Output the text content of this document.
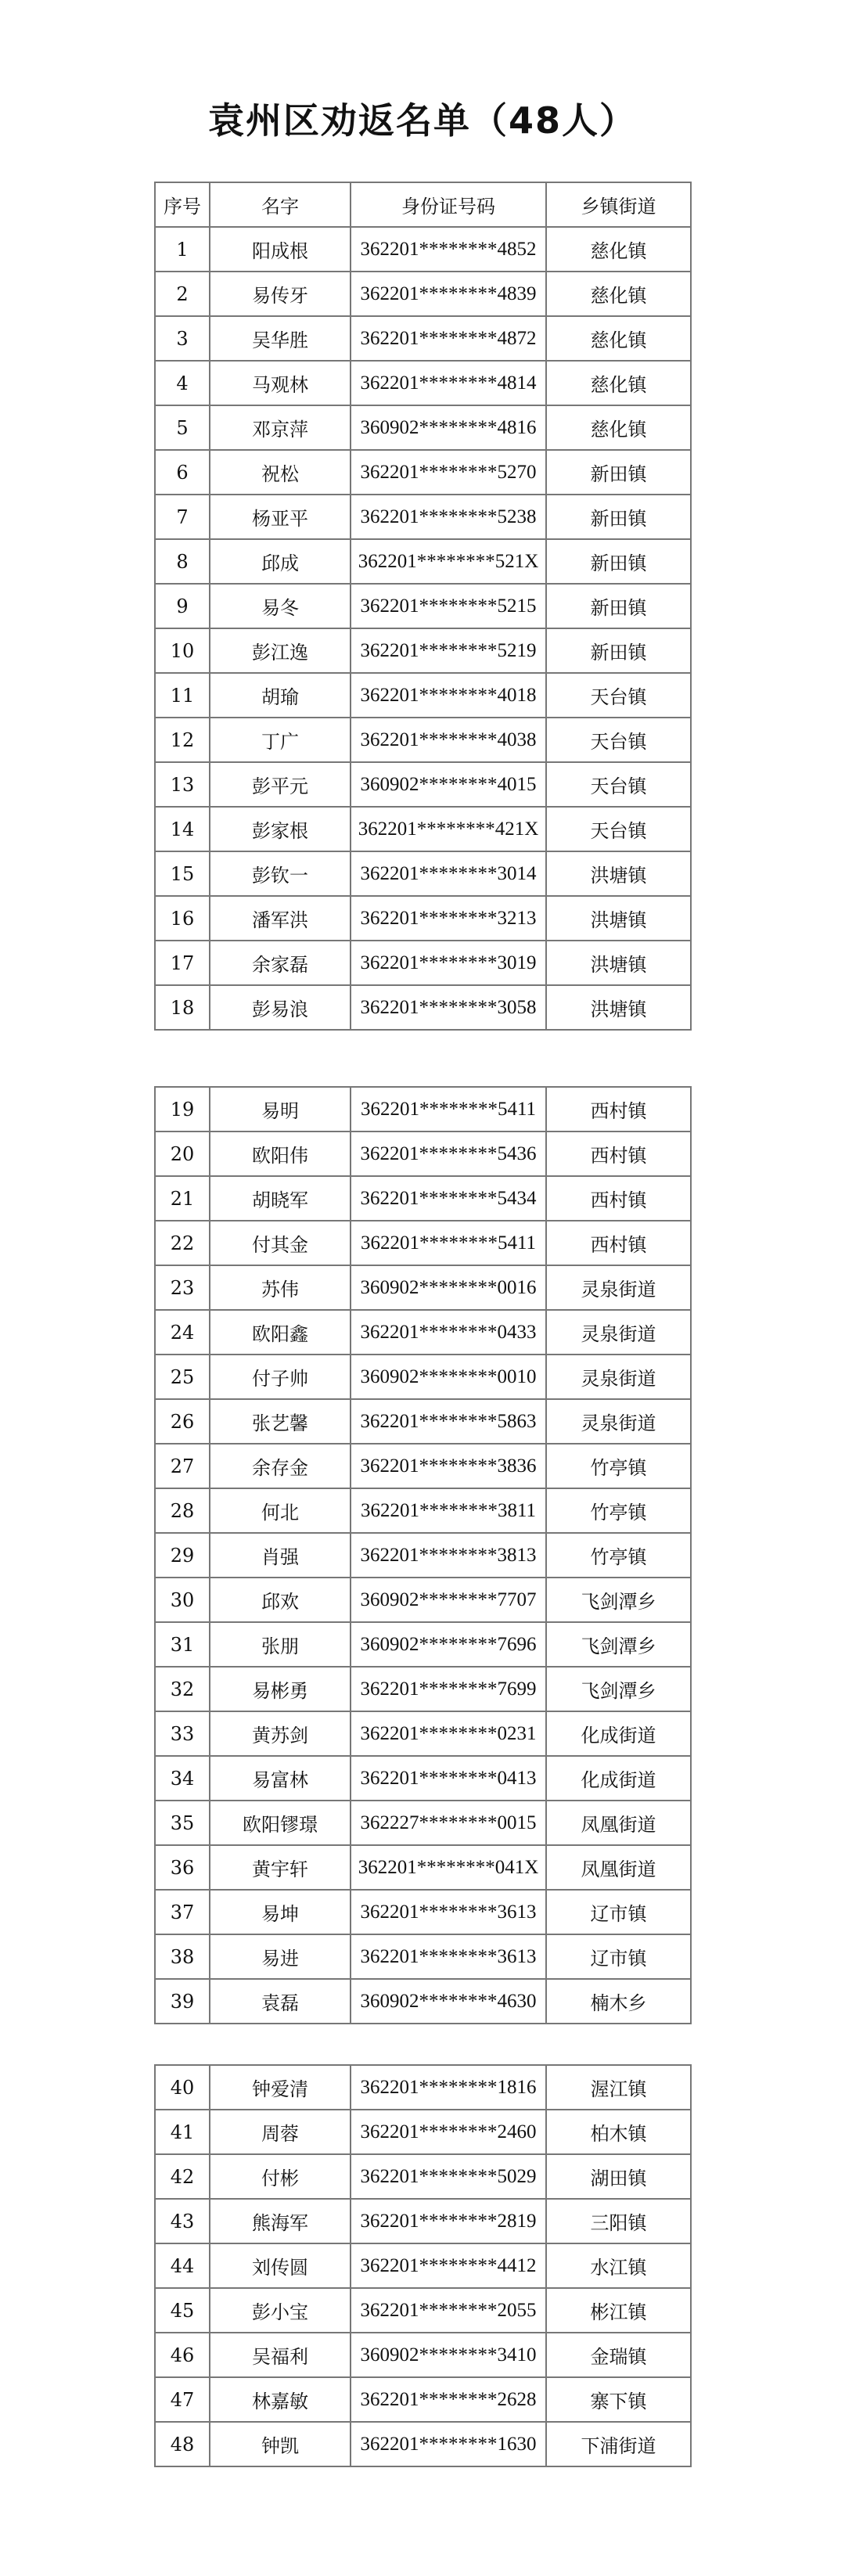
袁州区劝返名单（48人）
序号	名字	身份证号码	乡镇街道
1	阳成根	362201********4852	慈化镇
2	易传牙	362201********4839	慈化镇
3	吴华胜	362201********4872	慈化镇
4	马观林	362201********4814	慈化镇
5	邓京萍	360902********4816	慈化镇
6	祝松	362201********5270	新田镇
7	杨亚平	362201********5238	新田镇
8	邱成	362201********521X	新田镇
9	易冬	362201********5215	新田镇
10	彭江逸	362201********5219	新田镇
11	胡瑜	362201********4018	天台镇
12	丁广	362201********4038	天台镇
13	彭平元	360902********4015	天台镇
14	彭家根	362201********421X	天台镇
15	彭钦一	362201********3014	洪塘镇
16	潘军洪	362201********3213	洪塘镇
17	余家磊	362201********3019	洪塘镇
18	彭易浪	362201********3058	洪塘镇
19	易明	362201********5411	西村镇
20	欧阳伟	362201********5436	西村镇
21	胡晓军	362201********5434	西村镇
22	付其金	362201********5411	西村镇
23	苏伟	360902********0016	灵泉街道
24	欧阳鑫	362201********0433	灵泉街道
25	付子帅	360902********0010	灵泉街道
26	张艺馨	362201********5863	灵泉街道
27	余存金	362201********3836	竹亭镇
28	何北	362201********3811	竹亭镇
29	肖强	362201********3813	竹亭镇
30	邱欢	360902********7707	飞剑潭乡
31	张朋	360902********7696	飞剑潭乡
32	易彬勇	362201********7699	飞剑潭乡
33	黄苏剑	362201********0231	化成街道
34	易富林	362201********0413	化成街道
35	欧阳镠璟	362227********0015	凤凰街道
36	黄宇轩	362201********041X	凤凰街道
37	易坤	362201********3613	辽市镇
38	易进	362201********3613	辽市镇
39	袁磊	360902********4630	楠木乡
40	钟爱清	362201********1816	渥江镇
41	周蓉	362201********2460	柏木镇
42	付彬	362201********5029	湖田镇
43	熊海军	362201********2819	三阳镇
44	刘传圆	362201********4412	水江镇
45	彭小宝	362201********2055	彬江镇
46	吴福利	360902********3410	金瑞镇
47	林嘉敏	362201********2628	寨下镇
48	钟凯	362201********1630	下浦街道
